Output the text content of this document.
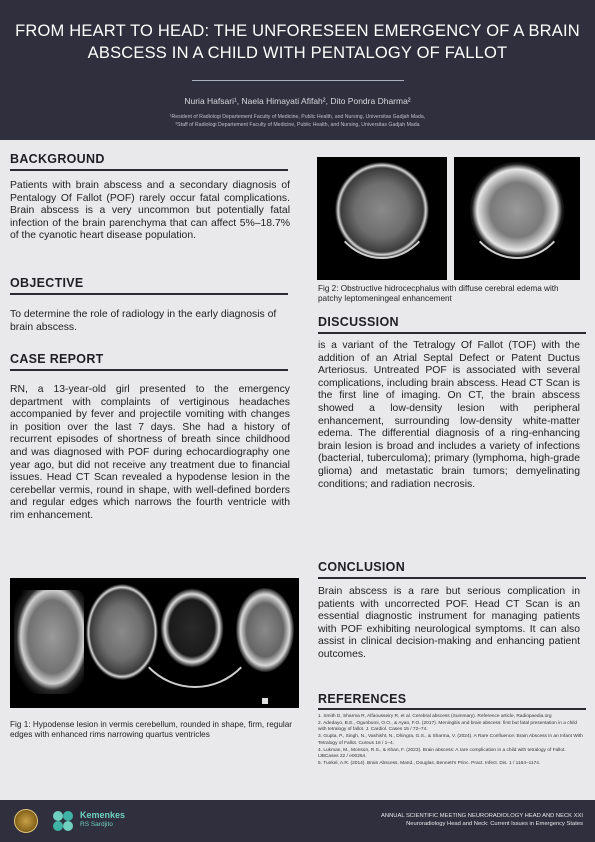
FROM HEART TO HEAD: THE UNFORESEEN EMERGENCY OF A BRAIN
ABSCESS IN A CHILD WITH PENTALOGY OF FALLOT
Nuria Hafsari¹, Naela Himayati Afifah², Dito Pondra Dharma²
¹Resident of Radiologi Departement Faculty of Medicine, Public Health, and Nursing, Universitas Gadjah Mada,
²Staff of Radiologi Departement Faculty of Medicine, Public Health, and Nursing, Universitas Gadjah Mada
BACKGROUND
Patients with brain abscess and a secondary diagnosis of Pentalogy Of Fallot (POF) rarely occur fatal complications. Brain abscess is a very uncommon but potentially fatal infection of the brain parenchyma that can affect 5%–18.7% of the cyanotic heart disease population.
OBJECTIVE
To determine the role of radiology in the early diagnosis of brain abscess.
CASE REPORT
RN, a 13-year-old girl presented to the emergency department with complaints of vertiginous headaches accompanied by fever and projectile vomiting with changes in position over the last 7 days. She had a history of recurrent episodes of shortness of breath since childhood and was diagnosed with POF during echocardiography one year ago, but did not receive any treatment due to financial issues. Head CT Scan revealed a hypodense lesion in the cerebellar vermis, round in shape, with well-defined borders and regular edges which narrows the fourth ventricle with rim enhancement.
Fig 1: Hypodense lesion in vermis cerebellum, rounded in shape, firm, regular edges with enhanced rims narrowing quartus ventricles
Fig 2: Obstructive hidrocecphalus with diffuse cerebral edema with patchy leptomeningeal enhancement
DISCUSSION
is a variant of the Tetralogy Of Fallot (TOF) with the addition of an Atrial Septal Defect or Patent Ductus Arteriosus. Untreated POF is associated with several complications, including brain abscess. Head CT Scan is the first line of imaging. On CT, the brain abscess showed a low-density lesion with peripheral enhancement, surrounding low-density white-matter edema. The differential diagnosis of a ring-enhancing brain lesion is broad and includes a variety of infections (bacterial, tuberculoma); primary (lymphoma, high-grade glioma) and metastatic brain tumors; demyelinating conditions; and radiation necrosis.
CONCLUSION
Brain abscess is a rare but serious complication in patients with uncorrected POF. Head CT Scan is an essential diagnostic instrument for managing patients with POF exhibiting neurological symptoms. It can also assist in clinical decision-making and enhancing patient outcomes.
REFERENCES
1. Smith D, Sharma R, Alfaousseiry R, et al. Cerebral abscess (Summary). Reference article, Radiopaedia.org
2. Adedayo, B.E., Ogunbumi, O.O., & Ayan, F.O. (2017). Meningitis and brain abscess: first but fatal presentation in a child with tetralogy of fallot. J. Cardiol. Cases 15 / 72–74.
3. Gupta, P., Singh, N., Vashisht, N., Dhingra, G.S., & Sharma, V. (2024). A Rare Confluence: Brain Abscess in an Infant With Tetralogy of Fallot. Cureus 16 / 1–4.
4. Lukman, M., Monson, R.S., & Khan, F. (2023). Brain abscess: A rare complication in a child with tetralogy of Fallot. IJBCases 22 / e00264.
5. Tunkel, A.R. (2014). Brain Abscess. Mand., Douglas, Bennett's Princ. Pract. Infect. Dis. 1 / 1164–1174.
Kemenkes
RS Sardjito
ANNUAL SCIENTIFIC MEETING NEURORADIOLOGY HEAD AND NECK XXI
Neuroradiology Head and Neck: Current Issues in Emergency States
